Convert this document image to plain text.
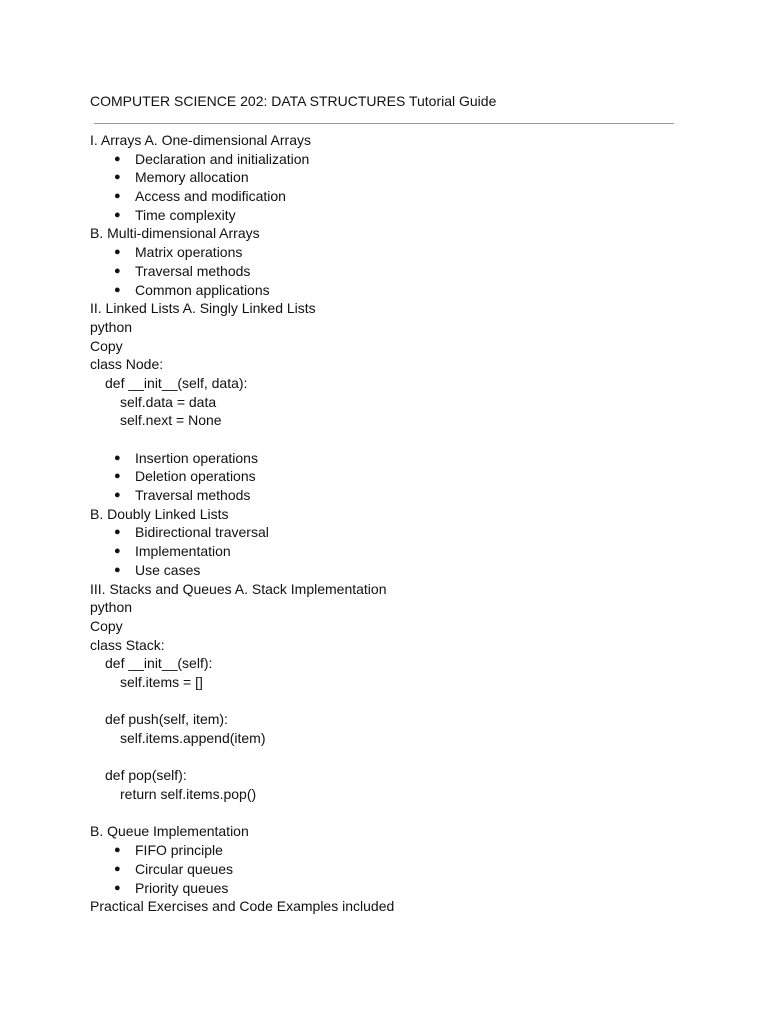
COMPUTER SCIENCE 202: DATA STRUCTURES Tutorial Guide
I. Arrays A. One-dimensional Arrays
● Declaration and initialization
● Memory allocation
● Access and modification
● Time complexity
B. Multi-dimensional Arrays
● Matrix operations
● Traversal methods
● Common applications
II. Linked Lists A. Singly Linked Lists
python
Copy
class Node:
def __init__(self, data):
self.data = data
self.next = None
● Insertion operations
● Deletion operations
● Traversal methods
B. Doubly Linked Lists
● Bidirectional traversal
● Implementation
● Use cases
III. Stacks and Queues A. Stack Implementation
python
Copy
class Stack:
def __init__(self):
self.items = []
def push(self, item):
self.items.append(item)
def pop(self):
return self.items.pop()
B. Queue Implementation
● FIFO principle
● Circular queues
● Priority queues
Practical Exercises and Code Examples included
